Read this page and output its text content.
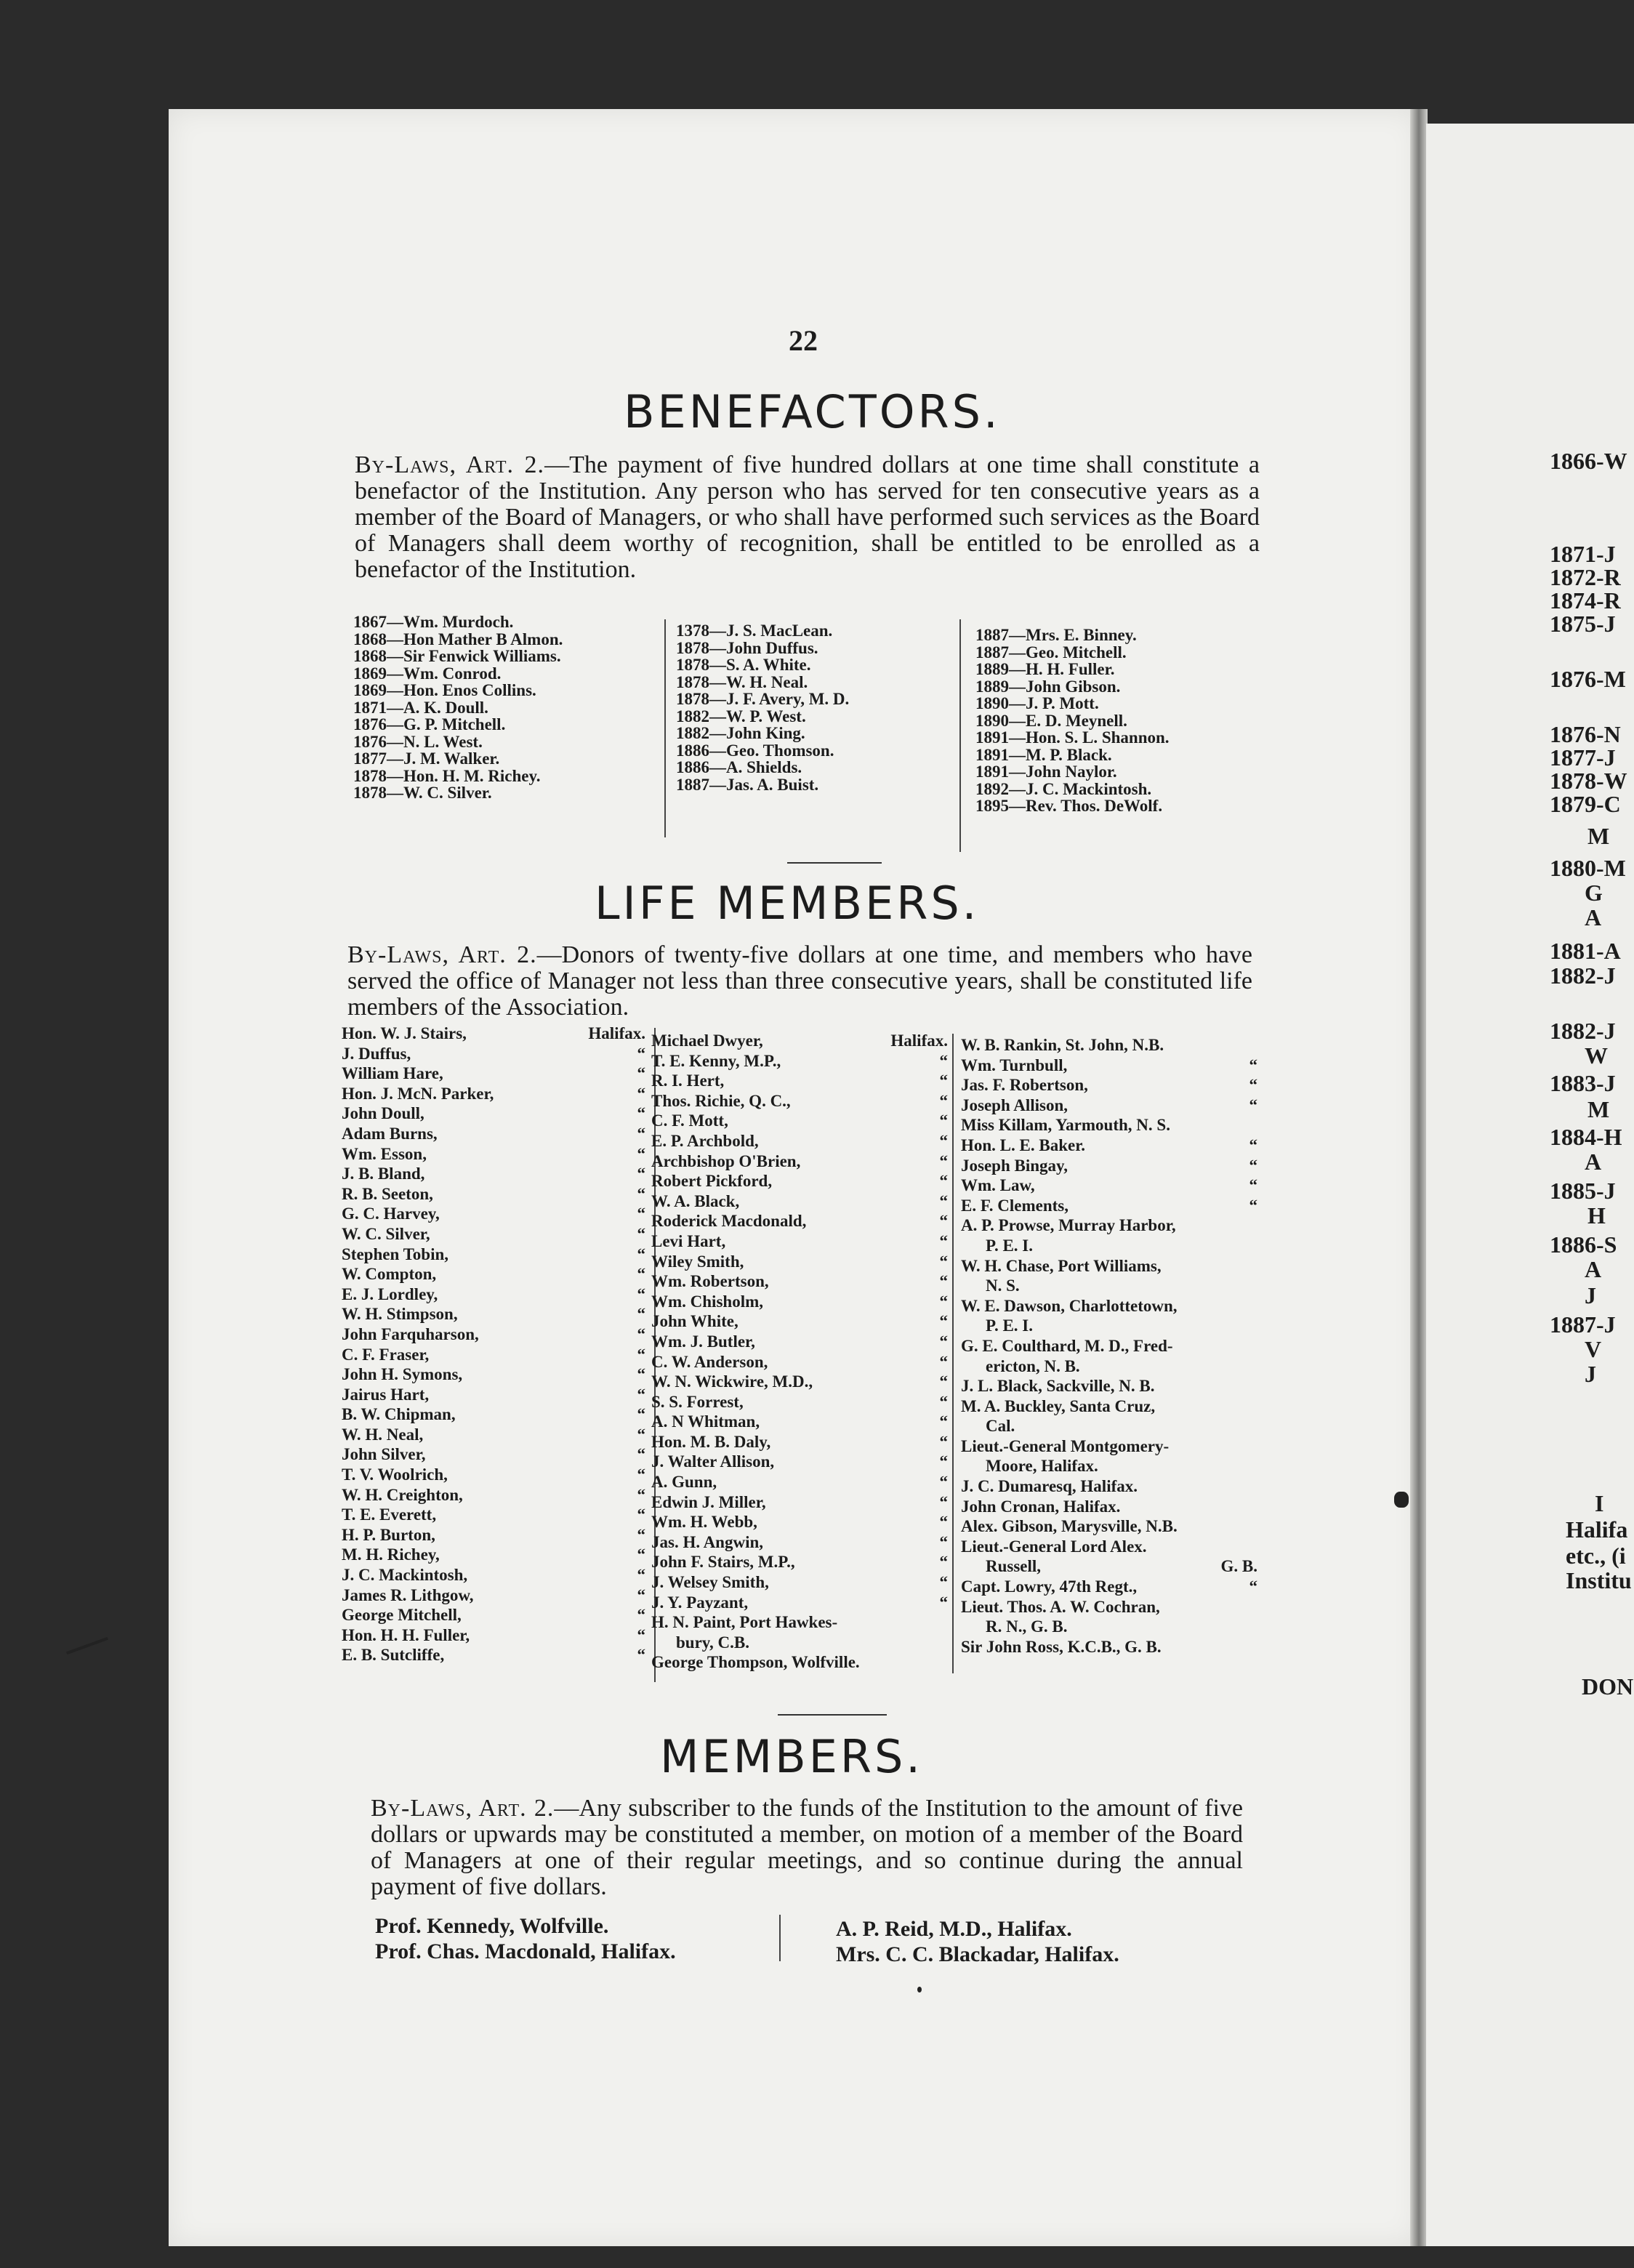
22
BENEFACTORS.

By-Laws, Art. 2.—The payment of five hundred dollars at one time shall constitute a benefactor of the Institution. Any person who has served for ten consecutive years as a member of the Board of Managers, or who shall have performed such services as the Board of Managers shall deem worthy of recognition, shall be entitled to be enrolled as a benefactor of the Institution.

1867—Wm. Murdoch.
1868—Hon Mather B Almon.
1868—Sir Fenwick Williams.
1869—Wm. Conrod.
1869—Hon. Enos Collins.
1871—A. K. Doull.
1876—G. P. Mitchell.
1876—N. L. West.
1877—J. M. Walker.
1878—Hon. H. M. Richey.
1878—W. C. Silver.
1378—J. S. MacLean.
1878—John Duffus.
1878—S. A. White.
1878—W. H. Neal.
1878—J. F. Avery, M. D.
1882—W. P. West.
1882—John King.
1886—Geo. Thomson.
1886—A. Shields.
1887—Jas. A. Buist.
1887—Mrs. E. Binney.
1887—Geo. Mitchell.
1889—H. H. Fuller.
1889—John Gibson.
1890—J. P. Mott.
1890—E. D. Meynell.
1891—Hon. S. L. Shannon.
1891—M. P. Black.
1891—John Naylor.
1892—J. C. Mackintosh.
1895—Rev. Thos. DeWolf.
LIFE MEMBERS.

By-Laws, Art. 2.—Donors of twenty-five dollars at one time, and members who have served the office of Manager not less than three consecutive years, shall be constituted life members of the Association.

Hon. W. J. Stairs,	Halifax.
J. Duffus,	“
William Hare,	“
Hon. J. McN. Parker,	“
John Doull,	“
Adam Burns,	“
Wm. Esson,	“
J. B. Bland,	“
R. B. Seeton,	“
G. C. Harvey,	“
W. C. Silver,	“
Stephen Tobin,	“
W. Compton,	“
E. J. Lordley,	“
W. H. Stimpson,	“
John Farquharson,	“
C. F. Fraser,	“
John H. Symons,	“
Jairus Hart,	“
B. W. Chipman,	“
W. H. Neal,	“
John Silver,	“
T. V. Woolrich,	“
W. H. Creighton,	“
T. E. Everett,	“
H. P. Burton,	“
M. H. Richey,	“
J. C. Mackintosh,	“
James R. Lithgow,	“
George Mitchell,	“
Hon. H. H. Fuller,	“
E. B. Sutcliffe,	“
Michael Dwyer,	Halifax.
T. E. Kenny, M.P.,	“
R. I. Hert,	“
Thos. Richie, Q. C.,	“
C. F. Mott,	“
E. P. Archbold,	“
Archbishop O'Brien,	“
Robert Pickford,	“
W. A. Black,	“
Roderick Macdonald,	“
Levi Hart,	“
Wiley Smith,	“
Wm. Robertson,	“
Wm. Chisholm,	“
John White,	“
Wm. J. Butler,	“
C. W. Anderson,	“
W. N. Wickwire, M.D.,	“
S. S. Forrest,	“
A. N Whitman,	“
Hon. M. B. Daly,	“
J. Walter Allison,	“
A. Gunn,	“
Edwin J. Miller,	“
Wm. H. Webb,	“
Jas. H. Angwin,	“
John F. Stairs, M.P.,	“
J. Welsey Smith,	“
J. Y. Payzant,	“
H. N. Paint, Port Hawkes-
bury, C.B.
George Thompson, Wolfville.
W. B. Rankin, St. John, N.B.
Wm. Turnbull,	“
Jas. F. Robertson,	“
Joseph Allison,	“
Miss Killam, Yarmouth, N. S.
Hon. L. E. Baker.	“
Joseph Bingay,	“
Wm. Law,	“
E. F. Clements,	“
A. P. Prowse, Murray Harbor,
P. E. I.
W. H. Chase, Port Williams,
N. S.
W. E. Dawson, Charlottetown,
P. E. I.
G. E. Coulthard, M. D., Fred-
ericton, N. B.
J. L. Black, Sackville, N. B.
M. A. Buckley, Santa Cruz,
Cal.
Lieut.-General Montgomery-
Moore, Halifax.
J. C. Dumaresq, Halifax.
John Cronan, Halifax.
Alex. Gibson, Marysville, N.B.
Lieut.-General Lord Alex.
Russell,	G. B.
Capt. Lowry, 47th Regt.,	“
Lieut. Thos. A. W. Cochran,
R. N., G. B.
Sir John Ross, K.C.B., G. B.
MEMBERS.

By-Laws, Art. 2.—Any subscriber to the funds of the Institution to the amount of five dollars or upwards may be constituted a member, on motion of a member of the Board of Managers at one of their regular meetings, and so continue during the annual payment of five dollars.

Prof. Kennedy, Wolfville.
Prof. Chas. Macdonald, Halifax.
A. P. Reid, M.D., Halifax.
Mrs. C. C. Blackadar, Halifax.
1866-W
1871-J
1872-R
1874-R
1875-J
1876-M
1876-N
1877-J
1878-W
1879-C
M
1880-M
G
A
1881-A
1882-J
1882-J
W
1883-J
M
1884-H
A
1885-J
H
1886-S
A
J
1887-J
V
J
I
Halifa
etc., (i
Institu
DON
